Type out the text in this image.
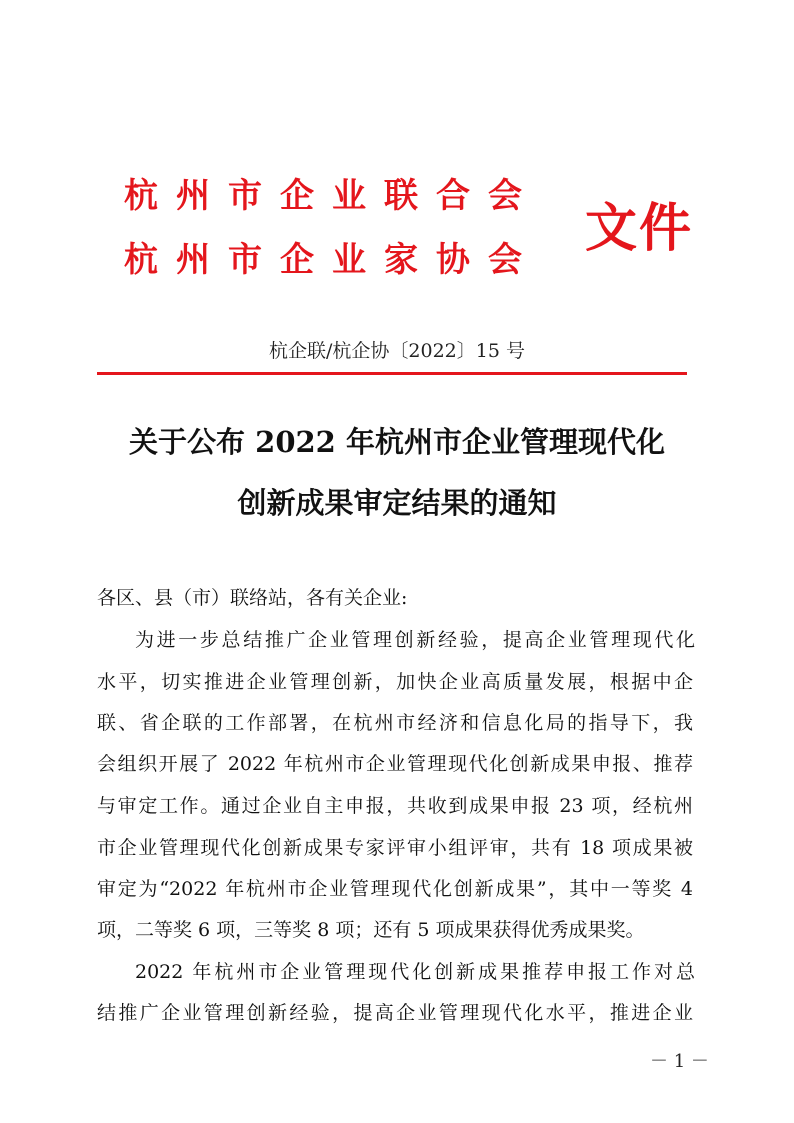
杭州市企业联合会
杭州市企业家协会
文件
杭企联/杭企协〔2022〕15 号
关于公布 2022 年杭州市企业管理现代化
创新成果审定结果的通知
各区、县（市）联络站，各有关企业:
为进一步总结推广企业管理创新经验，提高企业管理现代化
水平，切实推进企业管理创新，加快企业高质量发展，根据中企
联、省企联的工作部署，在杭州市经济和信息化局的指导下，我
会组织开展了 2022 年杭州市企业管理现代化创新成果申报、推荐
与审定工作。通过企业自主申报，共收到成果申报 23 项，经杭州
市企业管理现代化创新成果专家评审小组评审，共有 18 项成果被
审定为“2022 年杭州市企业管理现代化创新成果”，其中一等奖 4
项，二等奖 6 项，三等奖 8 项；还有 5 项成果获得优秀成果奖。
2022 年杭州市企业管理现代化创新成果推荐申报工作对总
结推广企业管理创新经验，提高企业管理现代化水平，推进企业
－ 1 －
